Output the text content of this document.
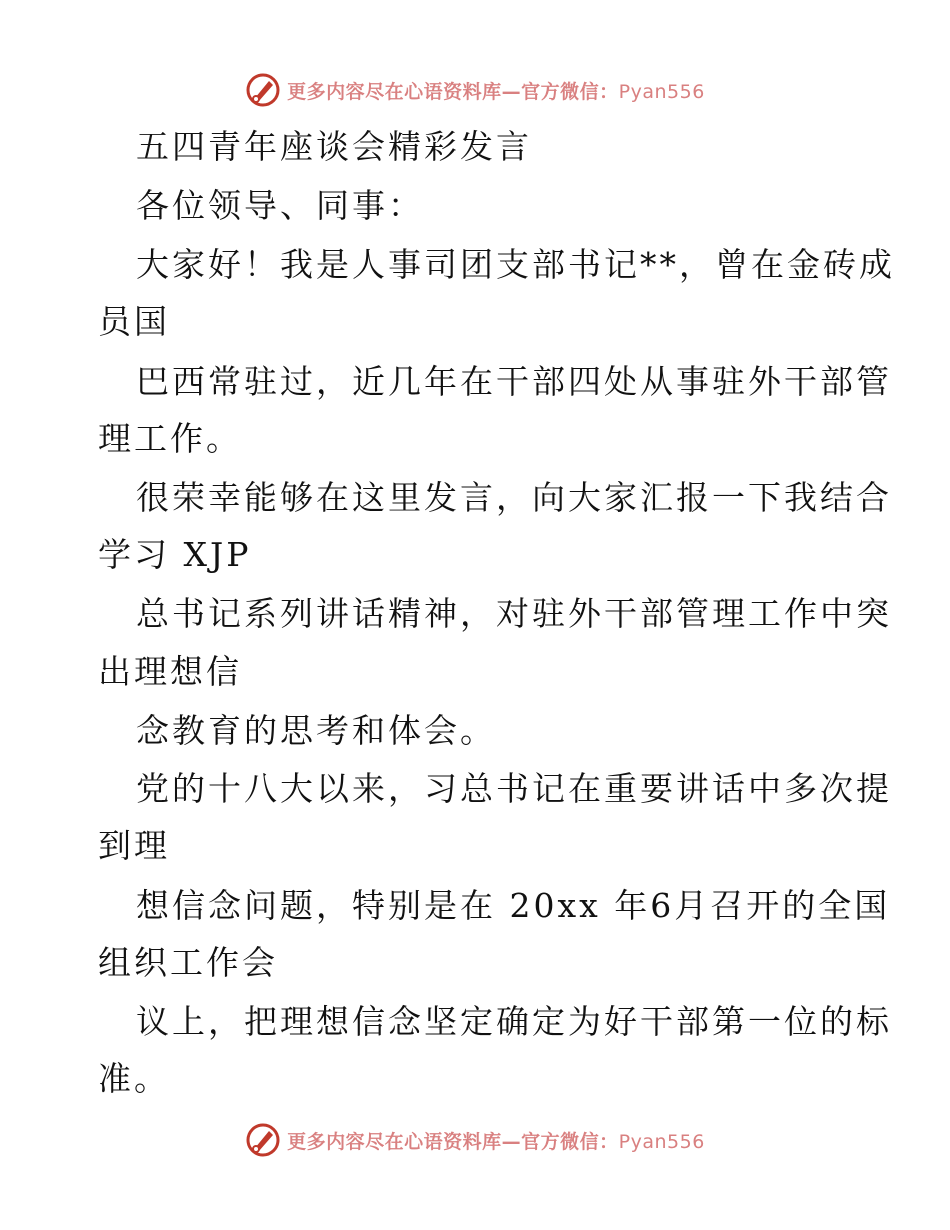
更多内容尽在心语资料库—官方微信：Pyan556
五四青年座谈会精彩发言
各位领导、同事：
大家好！我是人事司团支部书记**，曾在金砖成
员国
巴西常驻过，近几年在干部四处从事驻外干部管
理工作。
很荣幸能够在这里发言，向大家汇报一下我结合
学习 XJP
总书记系列讲话精神，对驻外干部管理工作中突
出理想信
念教育的思考和体会。
党的十八大以来，习总书记在重要讲话中多次提
到理
想信念问题，特别是在 20xx 年6月召开的全国
组织工作会
议上，把理想信念坚定确定为好干部第一位的标
准。
更多内容尽在心语资料库—官方微信：Pyan556
